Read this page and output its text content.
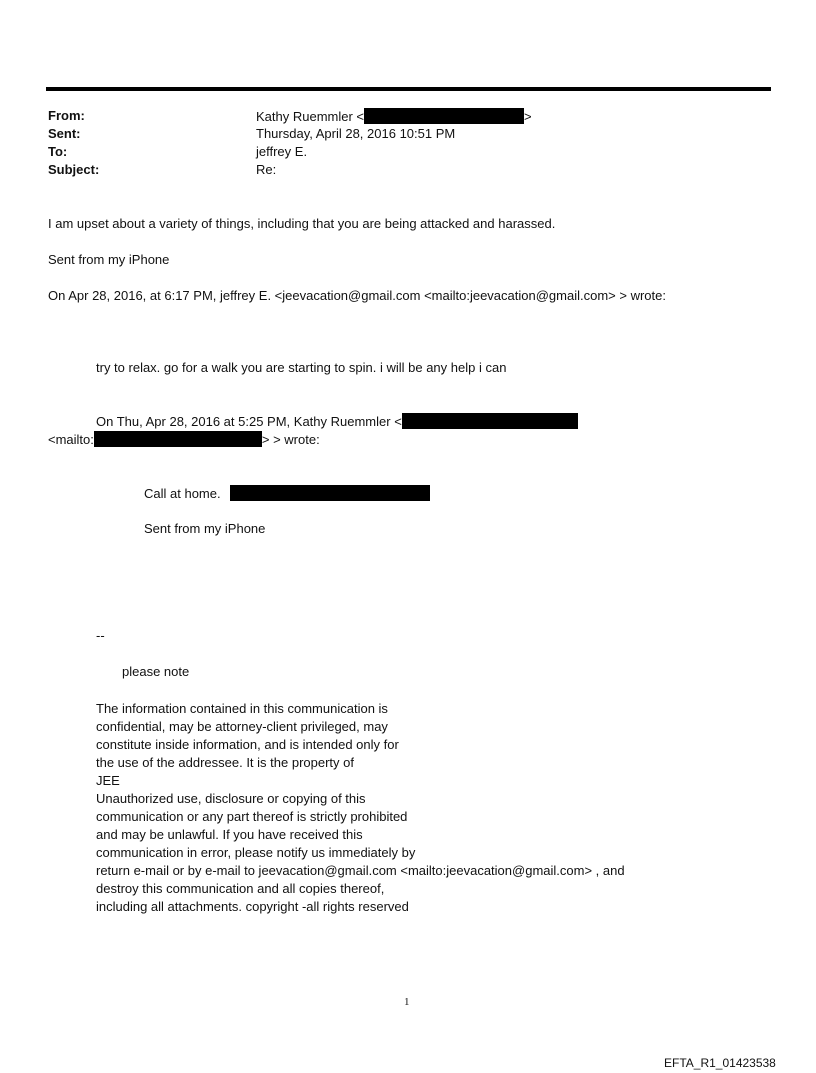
From:
Sent:
To:
Subject:
Kathy Ruemmler <	>
Thursday, April 28, 2016 10:51 PM
jeffrey E.
Re:
I am upset about a variety of things, including that you are being attacked and harassed.
Sent from my iPhone
On Apr 28, 2016, at 6:17 PM, jeffrey E. <jeevacation@gmail.com <mailto:jeevacation@gmail.com> > wrote:
try to relax. go for a walk you are starting to spin. i will be any help i can
On Thu, Apr 28, 2016 at 5:25 PM, Kathy Ruemmler <
<mailto:	> > wrote:
Call at home.
Sent from my iPhone
--
please note
The information contained in this communication is
confidential, may be attorney-client privileged, may
constitute inside information, and is intended only for
the use of the addressee. It is the property of
JEE
Unauthorized use, disclosure or copying of this
communication or any part thereof is strictly prohibited
and may be unlawful. If you have received this
communication in error, please notify us immediately by
return e-mail or by e-mail to jeevacation@gmail.com <mailto:jeevacation@gmail.com> , and
destroy this communication and all copies thereof,
including all attachments. copyright -all rights reserved
1
EFTA_R1_01423538
